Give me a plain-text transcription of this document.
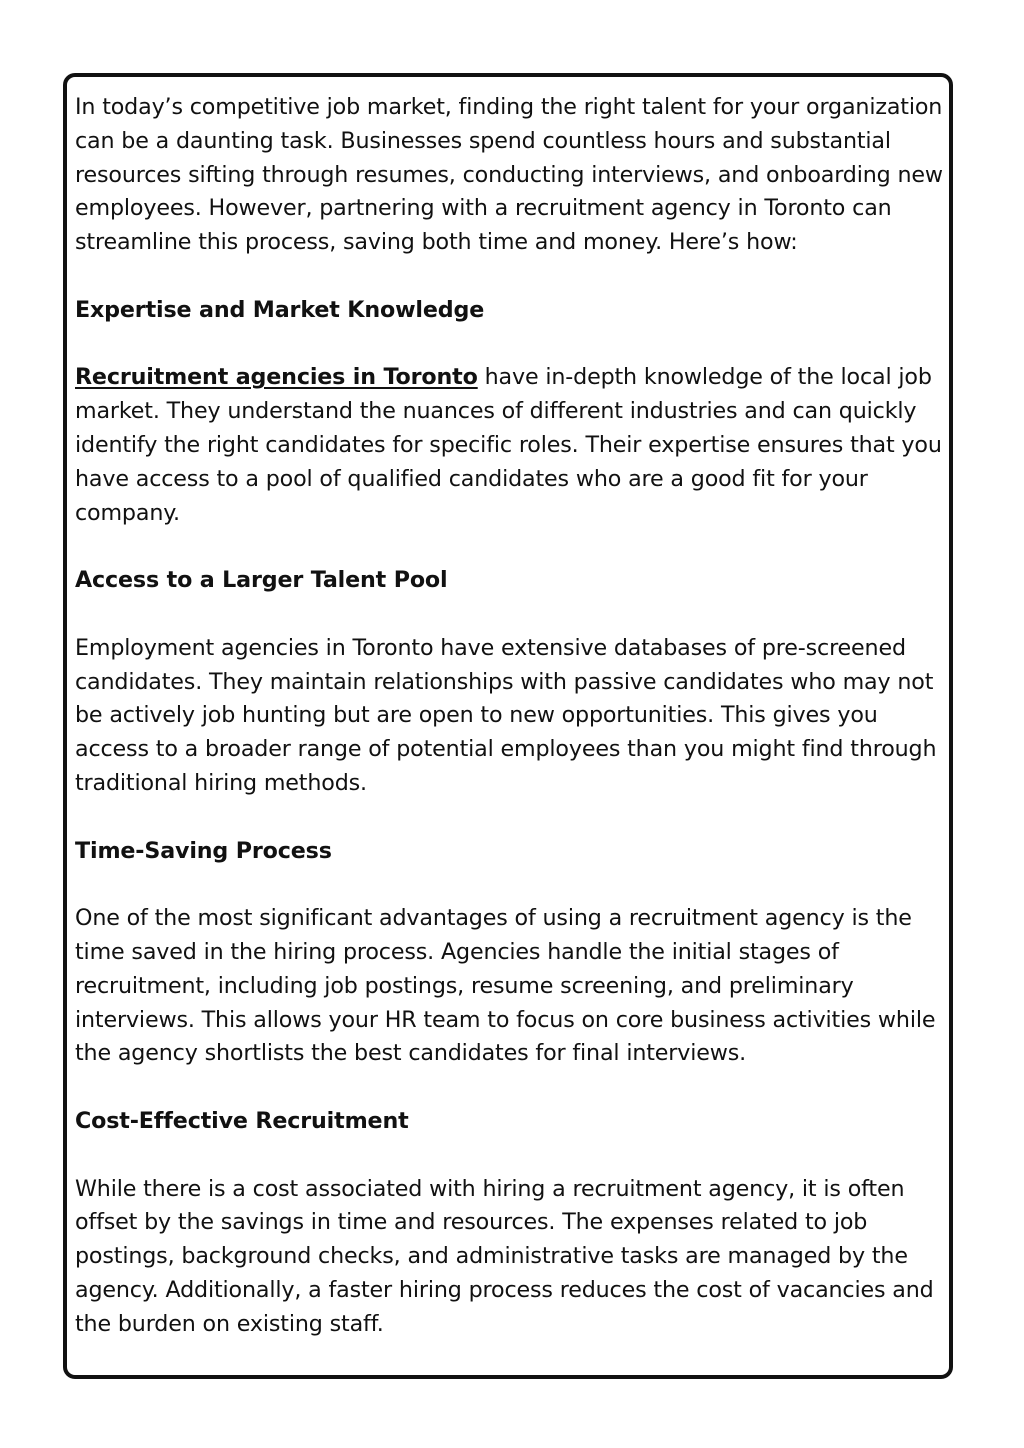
In today’s competitive job market, finding the right talent for your organization can be a daunting task. Businesses spend countless hours and substantial resources sifting through resumes, conducting interviews, and onboarding new employees. However, partnering with a recruitment agency in Toronto can streamline this process, saving both time and money. Here’s how:

Expertise and Market Knowledge

Recruitment agencies in Toronto have in-depth knowledge of the local job market. They understand the nuances of different industries and can quickly identify the right candidates for specific roles. Their expertise ensures that you have access to a pool of qualified candidates who are a good fit for your company.

Access to a Larger Talent Pool

Employment agencies in Toronto have extensive databases of pre-screened candidates. They maintain relationships with passive candidates who may not be actively job hunting but are open to new opportunities. This gives you access to a broader range of potential employees than you might find through traditional hiring methods.

Time-Saving Process

One of the most significant advantages of using a recruitment agency is the time saved in the hiring process. Agencies handle the initial stages of recruitment, including job postings, resume screening, and preliminary interviews. This allows your HR team to focus on core business activities while the agency shortlists the best candidates for final interviews.

Cost-Effective Recruitment

While there is a cost associated with hiring a recruitment agency, it is often offset by the savings in time and resources. The expenses related to job postings, background checks, and administrative tasks are managed by the agency. Additionally, a faster hiring process reduces the cost of vacancies and the burden on existing staff.
